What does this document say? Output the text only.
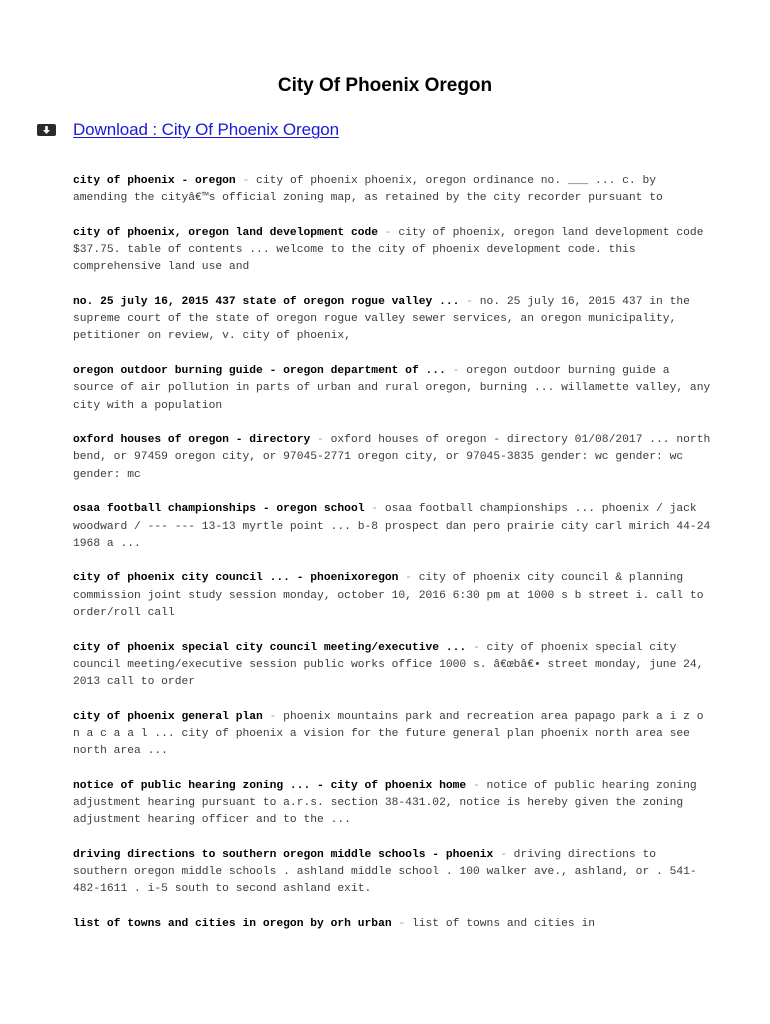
City Of Phoenix Oregon
Download : City Of Phoenix Oregon
city of phoenix - oregon - city of phoenix phoenix, oregon ordinance no. ___ ... c. by amending the cityâ€™s official zoning map, as retained by the city recorder pursuant to
city of phoenix, oregon land development code - city of phoenix, oregon land development code $37.75. table of contents ... welcome to the city of phoenix development code. this comprehensive land use and
no. 25 july 16, 2015 437 state of oregon rogue valley ... - no. 25 july 16, 2015 437 in the supreme court of the state of oregon rogue valley sewer services, an oregon municipality, petitioner on review, v. city of phoenix,
oregon outdoor burning guide - oregon department of ... - oregon outdoor burning guide a source of air pollution in parts of urban and rural oregon, burning ... willamette valley, any city with a population
oxford houses of oregon - directory - oxford houses of oregon - directory 01/08/2017 ... north bend, or 97459 oregon city, or 97045-2771 oregon city, or 97045-3835 gender: wc gender: wc gender: mc
osaa football championships - oregon school - osaa football championships ... phoenix / jack woodward / --- --- 13-13 myrtle point ... b-8 prospect dan pero prairie city carl mirich 44-24 1968 a ...
city of phoenix city council ... - phoenixoregon - city of phoenix city council & planning commission joint study session monday, october 10, 2016 6:30 pm at 1000 s b street i. call to order/roll call
city of phoenix special city council meeting/executive ... - city of phoenix special city council meeting/executive session public works office 1000 s. â€œbâ€• street monday, june 24, 2013 call to order
city of phoenix general plan - phoenix mountains park and recreation area papago park a i z o n a c a a l ... city of phoenix a vision for the future general plan phoenix north area see north area ...
notice of public hearing zoning ... - city of phoenix home - notice of public hearing zoning adjustment hearing pursuant to a.r.s. section 38-431.02, notice is hereby given the zoning adjustment hearing officer and to the ...
driving directions to southern oregon middle schools - phoenix - driving directions to southern oregon middle schools . ashland middle school . 100 walker ave., ashland, or . 541-482-1611 . i-5 south to second ashland exit.
list of towns and cities in oregon by orh urban - list of towns and cities in
